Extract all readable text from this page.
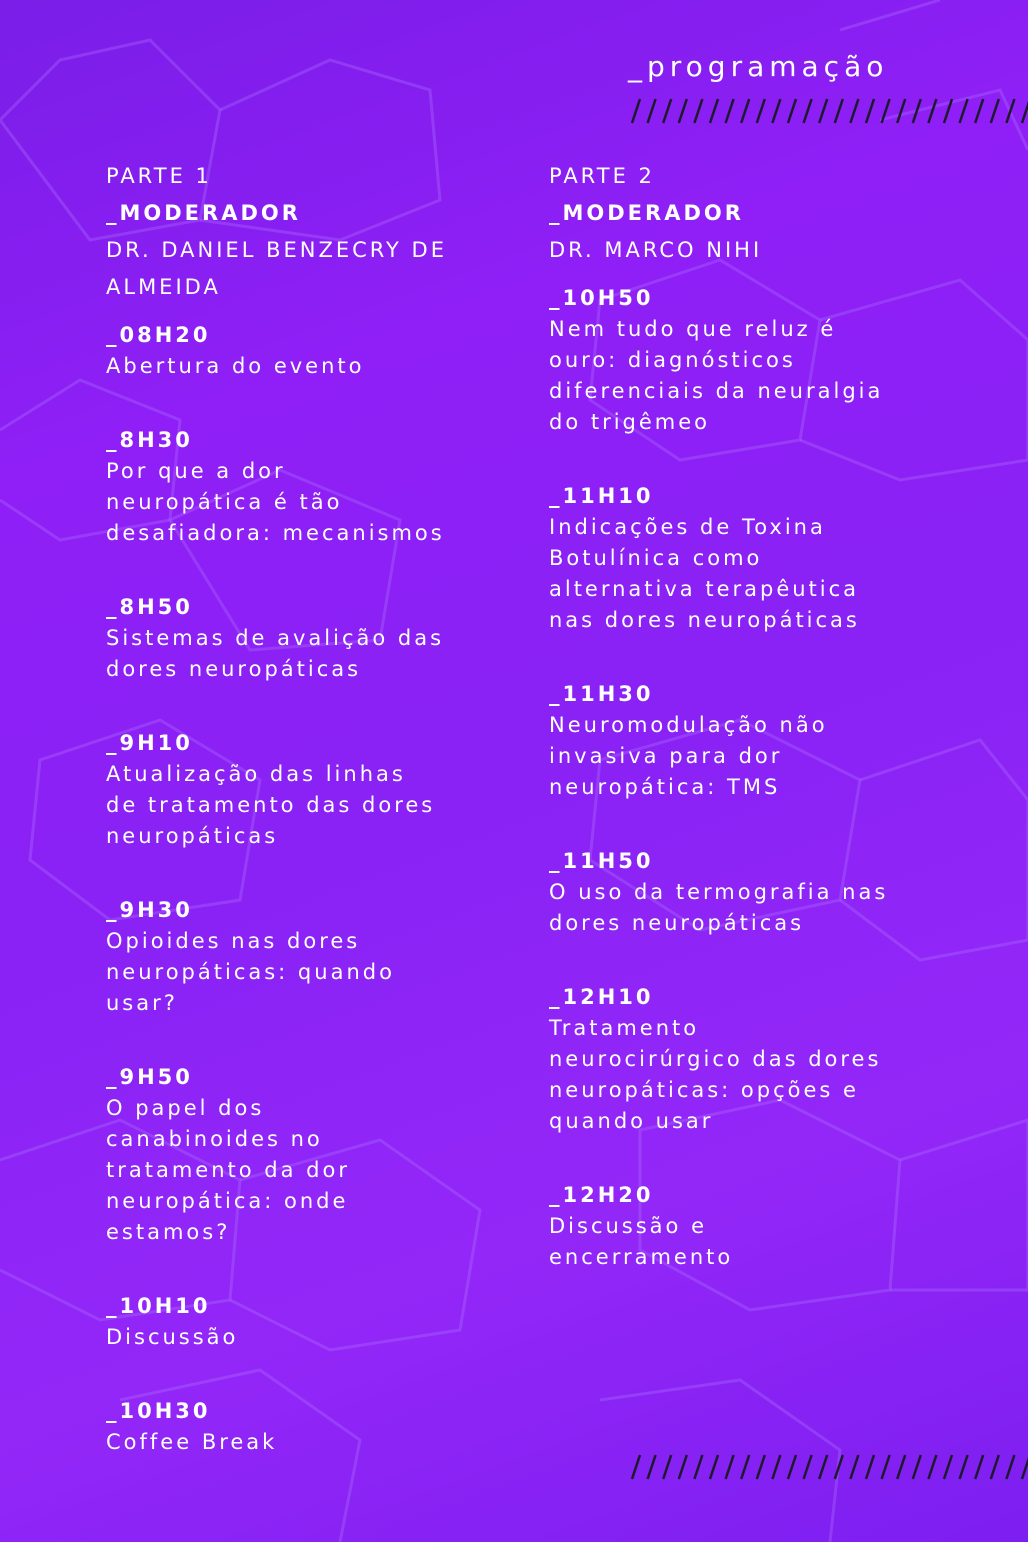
_programação
PARTE 1
_MODERADOR
DR. DANIEL BENZECRY DE
ALMEIDA
_08H20
Abertura do evento
_8H30
Por que a dor
neuropática é tão
desafiadora: mecanismos
_8H50
Sistemas de avalição das
dores neuropáticas
_9H10
Atualização das linhas
de tratamento das dores
neuropáticas
_9H30
Opioides nas dores
neuropáticas: quando
usar?
_9H50
O papel dos
canabinoides no
tratamento da dor
neuropática: onde
estamos?
_10H10
Discussão
_10H30
Coffee Break
PARTE 2
_MODERADOR
DR. MARCO NIHI
_10H50
Nem tudo que reluz é
ouro: diagnósticos
diferenciais da neuralgia
do trigêmeo
_11H10
Indicações de Toxina
Botulínica como
alternativa terapêutica
nas dores neuropáticas
_11H30
Neuromodulação não
invasiva para dor
neuropática: TMS
_11H50
O uso da termografia nas
dores neuropáticas
_12H10
Tratamento
neurocirúrgico das dores
neuropáticas: opções e
quando usar
_12H20
Discussão e
encerramento
